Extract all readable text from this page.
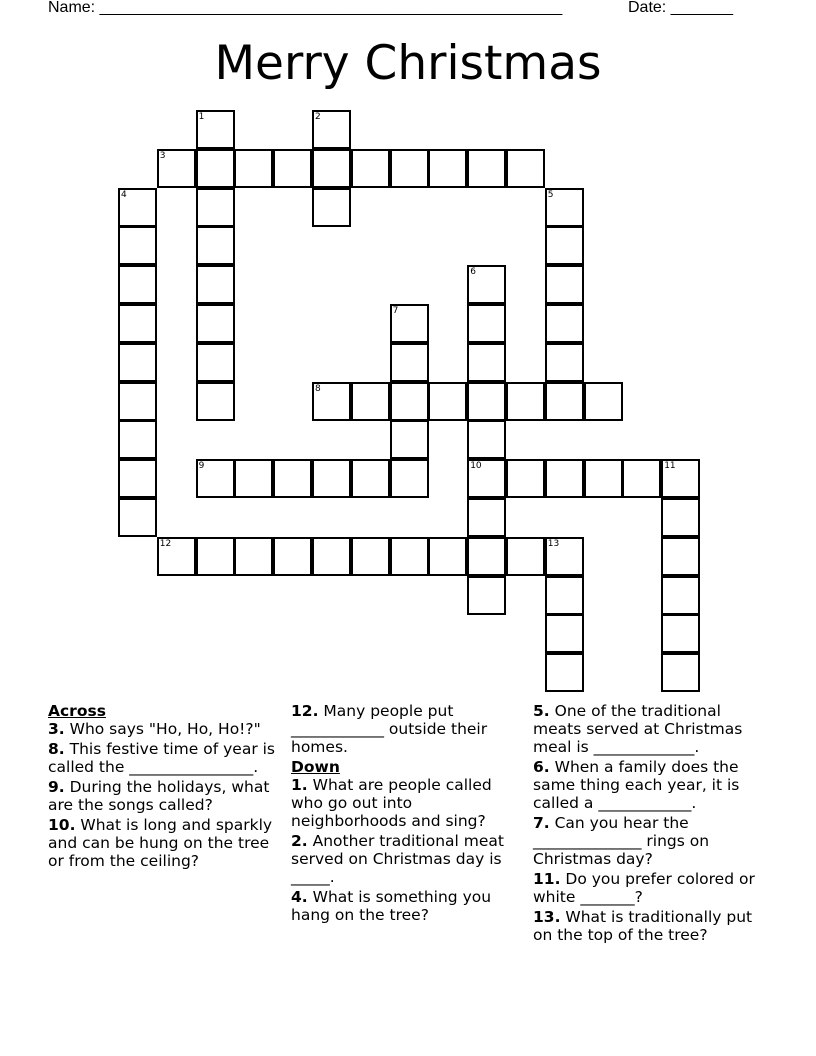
Name: ____________________________________________________	Date: _______
Merry Christmas
1	2
3
4	5
6
10
7
8
9	11
12	13
Across
3. Who says "Ho, Ho, Ho!?"
8. This festive time of year is called the ________________.
9. During the holidays, what are the songs called?
10. What is long and sparkly and can be hung on the tree or from the ceiling?
12. Many people put ____________ outside their homes.
Down
1. What are people called who go out into neighborhoods and sing?
2. Another traditional meat served on Christmas day is _____.
4. What is something you hang on the tree?
5. One of the traditional meats served at Christmas meal is _____________.
6. When a family does the same thing each year, it is called a ____________.
7. Can you hear the ______________ rings on Christmas day?
11. Do you prefer colored or white _______?
13. What is traditionally put on the top of the tree?
